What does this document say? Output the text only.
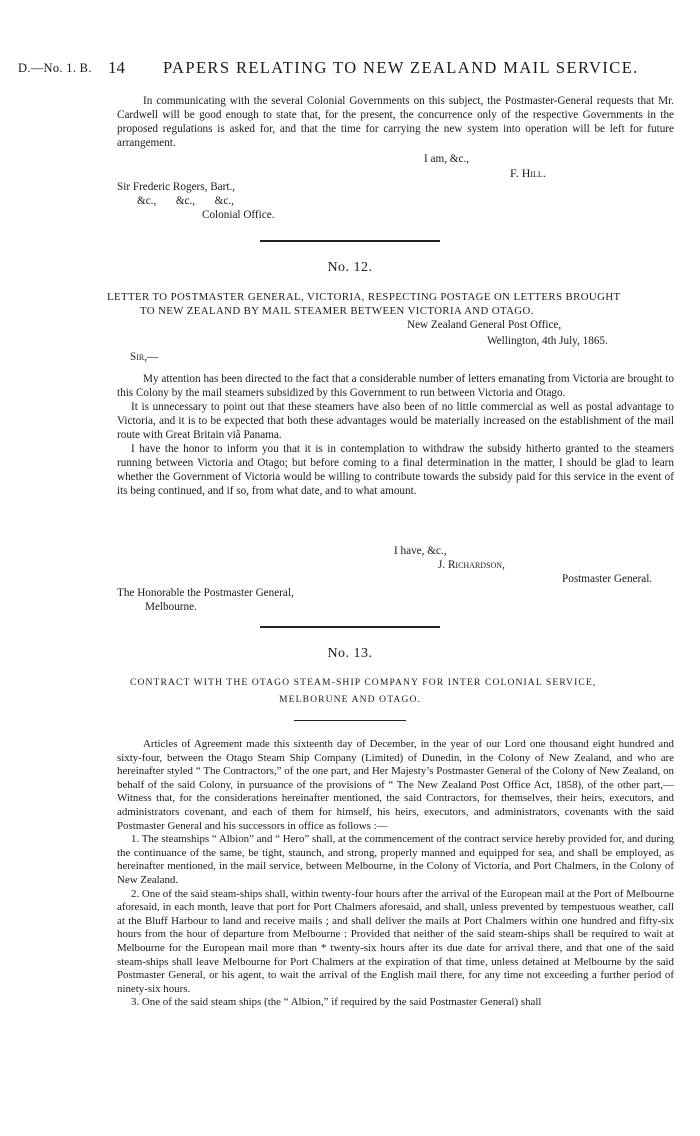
D.—No. 1. B. 14 PAPERS RELATING TO NEW ZEALAND MAIL SERVICE.

In communicating with the several Colonial Governments on this subject, the Postmaster-General requests that Mr. Cardwell will be good enough to state that, for the present, the concurrence only of the respective Governments in the proposed regulations is asked for, and that the time for carrying the new system into operation will be left for future arrangement.

I am, &c.,
F. Hill.

Sir Frederic Rogers, Bart.,

&c.,       &c.,       &c.,

Colonial Office.

No. 12.
LETTER TO POSTMASTER GENERAL, VICTORIA, RESPECTING POSTAGE ON LETTERS BROUGHT
TO NEW ZEALAND BY MAIL STEAMER BETWEEN VICTORIA AND OTAGO.
New Zealand General Post Office,
Wellington, 4th July, 1865.
Sir,—

My attention has been directed to the fact that a considerable number of letters emanating from Victoria are brought to this Colony by the mail steamers subsidized by this Government to run between Victoria and Otago.

It is unnecessary to point out that these steamers have also been of no little commercial as well as postal advantage to Victoria, and it is to be expected that both these advantages would be materially increased on the establishment of the mail route with Great Britain viâ Panama.

I have the honor to inform you that it is in contemplation to withdraw the subsidy hitherto granted to the steamers running between Victoria and Otago; but before coming to a final determination in the matter, I should be glad to learn whether the Government of Victoria would be willing to contribute towards the subsidy paid for this service in the event of its being continued, and if so, from what date, and to what amount.

I have, &c.,
J. Richardson,
Postmaster General.

The Honorable the Postmaster General,

Melbourne.

No. 13.
CONTRACT WITH THE OTAGO STEAM-SHIP COMPANY FOR INTER COLONIAL SERVICE,
MELBORUNE AND OTAGO.

Articles of Agreement made this sixteenth day of December, in the year of our Lord one thousand eight hundred and sixty-four, between the Otago Steam Ship Company (Limited) of Dunedin, in the Colony of New Zealand, and who are hereinafter styled “ The Contractors,” of the one part, and Her Majesty’s Postmaster General of the Colony of New Zealand, on behalf of the said Colony, in pursuance of the provisions of “ The New Zealand Post Office Act, 1858), of the other part,—Witness that, for the considerations hereinafter mentioned, the said Contractors, for themselves, their heirs, executors, and administrators covenant, and each of them for himself, his heirs, executors, and administrators, covenants with the said Postmaster General and his successors in office as follows :—

1. The steamships “ Albion” and “ Hero” shall, at the commencement of the contract service hereby provided for, and during the continuance of the same, be tight, staunch, and strong, properly manned and equipped for sea, and shall be employed, as hereinafter mentioned, in the mail service, between Melbourne, in the Colony of Victoria, and Port Chalmers, in the Colony of New Zealand.

2. One of the said steam-ships shall, within twenty-four hours after the arrival of the European mail at the Port of Melbourne aforesaid, in each month, leave that port for Port Chalmers aforesaid, and shall, unless prevented by tempestuous weather, call at the Bluff Harbour to land and receive mails ; and shall deliver the mails at Port Chalmers within one hundred and fifty-six hours from the hour of departure from Melbourne : Provided that neither of the said steam-ships shall be required to wait at Melbourne for the European mail more than * twenty-six hours after its due date for arrival there, and that one of the said steam-ships shall leave Melbourne for Port Chalmers at the expiration of that time, unless detained at Melbourne by the said Postmaster General, or his agent, to wait the arrival of the English mail there, for any time not exceeding a further period of ninety-six hours.

3. One of the said steam ships (the “ Albion,” if required by the said Postmaster General) shall
